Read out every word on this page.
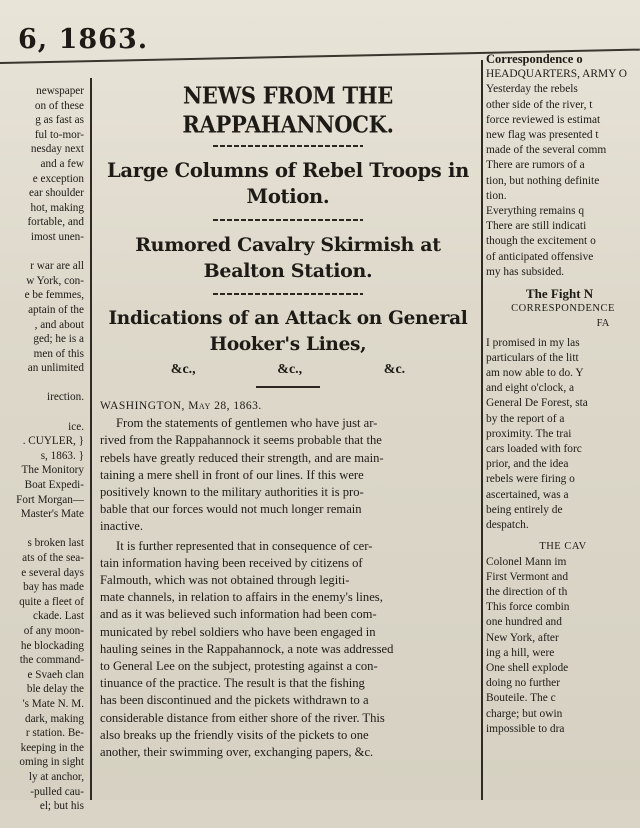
6, 1863.
newspaper
on of these
g as fast as
ful to-mor-
nesday next
and a few
e exception
ear shoulder
hot, making
fortable, and
imost unen-

r war are all
w York, con-
e be femmes,
aptain of the
, and about
ged; he is a
men of this
an unlimited

irection.

ice.
. CUYLER, }
s, 1863. }
The Monitory
Boat Expedi-
Fort Morgan—
Master's Mate

s broken last
ats of the sea-
e several days
bay has made
quite a fleet of
ckade. Last
of any moon-
he blockading
the command-
e Svaeh clan
ble delay the
's Mate N. M.
dark, making
r station. Be-
keeping in the
oming in sight
ly at anchor,
-pulled cau-
el; but his

NEWS FROM THE RAPPAHANNOCK.
Large Columns of Rebel Troops in Motion.
Rumored Cavalry Skirmish at Bealton Station.
Indications of an Attack on General Hooker's Lines,
&c.,	&c.,	&c.
WASHINGTON, May 28, 1863.
From the statements of gentlemen who have just ar-
rived from the Rappahannock it seems probable that the
rebels have greatly reduced their strength, and are main-
taining a mere shell in front of our lines. If this were
positively known to the military authorities it is pro-
bable that our forces would not much longer remain
inactive.
It is further represented that in consequence of cer-
tain information having been received by citizens of
Falmouth, which was not obtained through legiti-
mate channels, in relation to affairs in the enemy's lines,
and as it was believed such information had been com-
municated by rebel soldiers who have been engaged in
hauling seines in the Rappahannock, a note was addressed
to General Lee on the subject, protesting against a con-
tinuance of the practice. The result is that the fishing
has been discontinued and the pickets withdrawn to a
considerable distance from either shore of the river. This
also breaks up the friendly visits of the pickets to one
another, their swimming over, exchanging papers, &c.
Correspondence o
HEADQUARTERS, ARMY O
Yesterday the rebels
other side of the river, t
force reviewed is estimat
new flag was presented t
made of the several comm
There are rumors of a
tion, but nothing definite
tion.
Everything remains q
There are still indicati
though the excitement o
of anticipated offensive
my has subsided.
The Fight N
CORRESPONDENCE
FA
I promised in my las
particulars of the litt
am now able to do. Y
and eight o'clock, a
General De Forest, sta
by the report of a
proximity. The trai
cars loaded with forc
prior, and the idea
rebels were firing o
ascertained, was a
being entirely de
despatch.
THE CAV
Colonel Mann im
First Vermont and
the direction of th
This force combin
one hundred and
New York, after
ing a hill, were
One shell explode
doing no further
Bouteile. The c
charge; but owin
impossible to dra
